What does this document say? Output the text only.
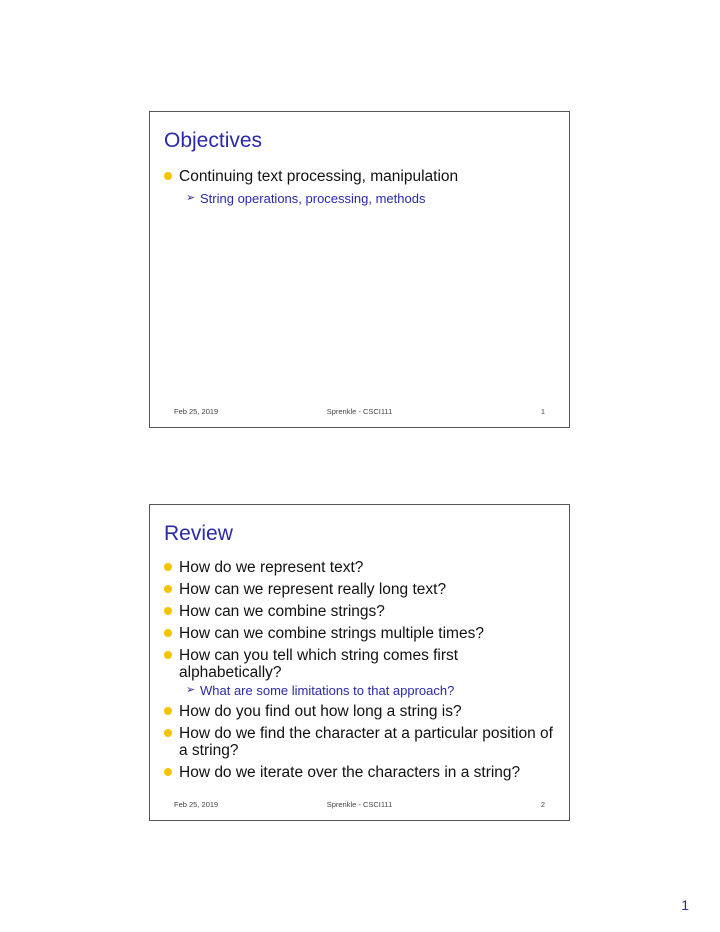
Objectives
Continuing text processing, manipulation
➢ String operations, processing, methods
Feb 25, 2019	Sprenkle - CSCI111	1
Review
How do we represent text?
How can we represent really long text?
How can we combine strings?
How can we combine strings multiple times?
How can you tell which string comes first alphabetically?
➢ What are some limitations to that approach?
How do you find out how long a string is?
How do we find the character at a particular position of a string?
How do we iterate over the characters in a string?
Feb 25, 2019	Sprenkle - CSCI111	2
1
